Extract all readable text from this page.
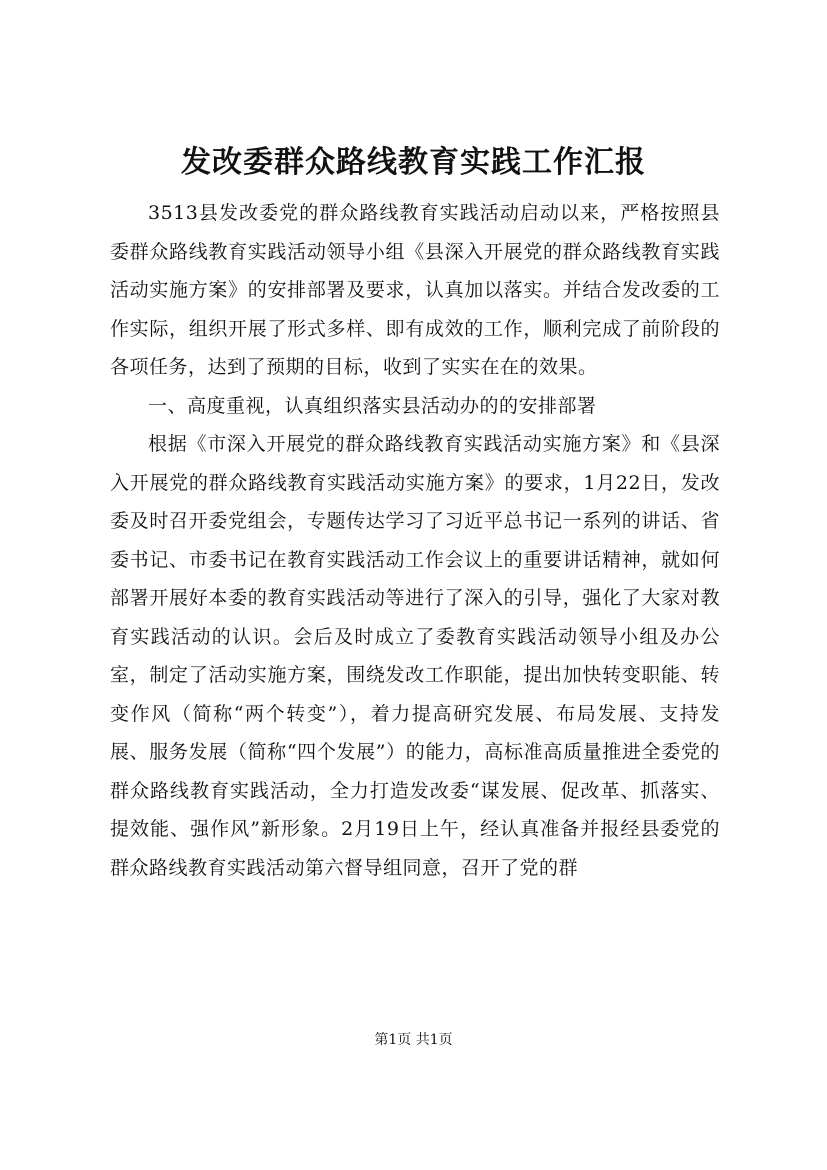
发改委群众路线教育实践工作汇报

3513县发改委党的群众路线教育实践活动启动以来，严格按照县委群众路线教育实践活动领导小组《县深入开展党的群众路线教育实践活动实施方案》的安排部署及要求，认真加以落实。并结合发改委的工作实际，组织开展了形式多样、即有成效的工作，顺利完成了前阶段的各项任务，达到了预期的目标，收到了实实在在的效果。

一、高度重视，认真组织落实县活动办的的安排部署

根据《市深入开展党的群众路线教育实践活动实施方案》和《县深入开展党的群众路线教育实践活动实施方案》的要求，1月22日，发改委及时召开委党组会，专题传达学习了习近平总书记一系列的讲话、省委书记、市委书记在教育实践活动工作会议上的重要讲话精神，就如何部署开展好本委的教育实践活动等进行了深入的引导，强化了大家对教育实践活动的认识。会后及时成立了委教育实践活动领导小组及办公室，制定了活动实施方案，围绕发改工作职能，提出加快转变职能、转变作风（简称“两个转变”），着力提高研究发展、布局发展、支持发展、服务发展（简称“四个发展”）的能力，高标准高质量推进全委党的群众路线教育实践活动，全力打造发改委“谋发展、促改革、抓落实、提效能、强作风”新形象。2月19日上午，经认真准备并报经县委党的群众路线教育实践活动第六督导组同意，召开了党的群

第1页 共1页
